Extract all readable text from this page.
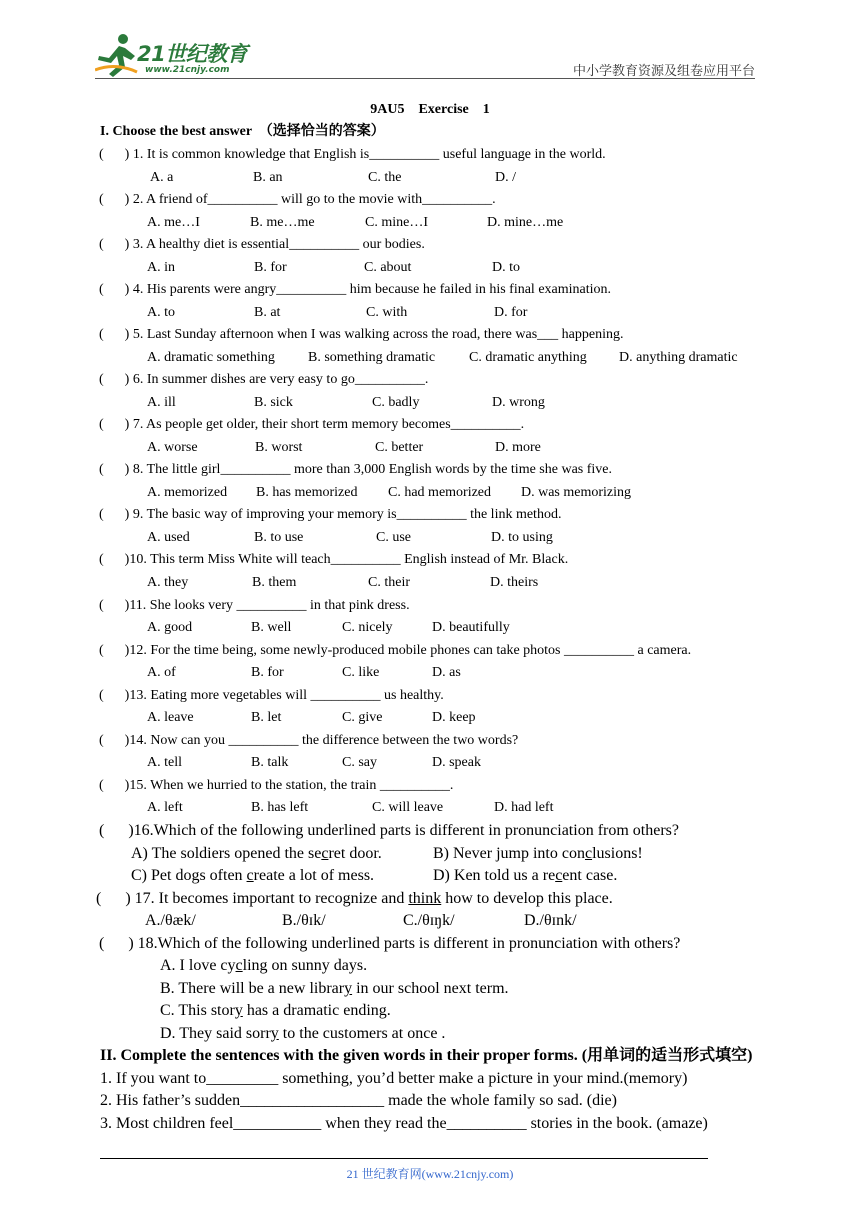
21世纪教育
www.21cnjy.com	中小学教育资源及组卷应用平台
9AU5    Exercise    1
I. Choose the best answer  （选择恰当的答案）
(      ) 1. It is common knowledge that English is__________ useful language in the world.
A. a	B. an	C. the	D. /
(      ) 2. A friend of__________ will go to the movie with__________.
A. me…I	B. me…me	C. mine…I	D. mine…me
(      ) 3. A healthy diet is essential__________ our bodies.
A. in	B. for	C. about	D. to
(      ) 4. His parents were angry__________ him because he failed in his final examination.
A. to	B. at	C. with	D. for
(      ) 5. Last Sunday afternoon when I was walking across the road, there was___ happening.
A. dramatic something B. something dramatic C. dramatic anything D. anything dramatic
(      ) 6. In summer dishes are very easy to go__________.
A. ill	B. sick	C. badly	D. wrong
(      ) 7. As people get older, their short term memory becomes__________.
A. worse	B. worst	C. better	D. more
(      ) 8. The little girl__________ more than 3,000 English words by the time she was five.
A. memorized B. has memorized C. had memorized D. was memorizing
(      ) 9. The basic way of improving your memory is__________ the link method.
A. used	B. to use	C. use	D. to using
(      )10. This term Miss White will teach__________ English instead of Mr. Black.
A. they	B. them	C. their	D. theirs
(      )11. She looks very __________ in that pink dress.
A. good	B. well	C. nicely	D. beautifully
(      )12. For the time being, some newly-produced mobile phones can take photos __________ a camera.
A. of	B. for	C. like	D. as
(      )13. Eating more vegetables will __________ us healthy.
A. leave	B. let	C. give	D. keep
(      )14. Now can you __________ the difference between the two words?
A. tell	B. talk	C. say	D. speak
(      )15. When we hurried to the station, the train __________.
A. left	B. has left	C. will leave	D. had left
(      )16.Which of the following underlined parts is different in pronunciation from others?
A) The soldiers opened the secret door.	B) Never jump into conclusions!
C) Pet dogs often create a lot of mess.	D) Ken told us a recent case.
(      ) 17. It becomes important to recognize and think how to develop this place.
A./θæk/	B./θɪk/	C./θɪŋk/	D./θɪnk/
(      ) 18.Which of the following underlined parts is different in pronunciation with others?
A. I love cycling on sunny days.
B. There will be a new library in our school next term.
C. This story has a dramatic ending.
D. They said sorry to the customers at once .
II. Complete the sentences with the given words in their proper forms. (用单词的适当形式填空)
1. If you want to_________ something, you’d better make a picture in your mind.(memory)
2. His father’s sudden__________________ made the whole family so sad. (die)
3. Most children feel___________ when they read the__________ stories in the book. (amaze)
21 世纪教育网(www.21cnjy.com)
